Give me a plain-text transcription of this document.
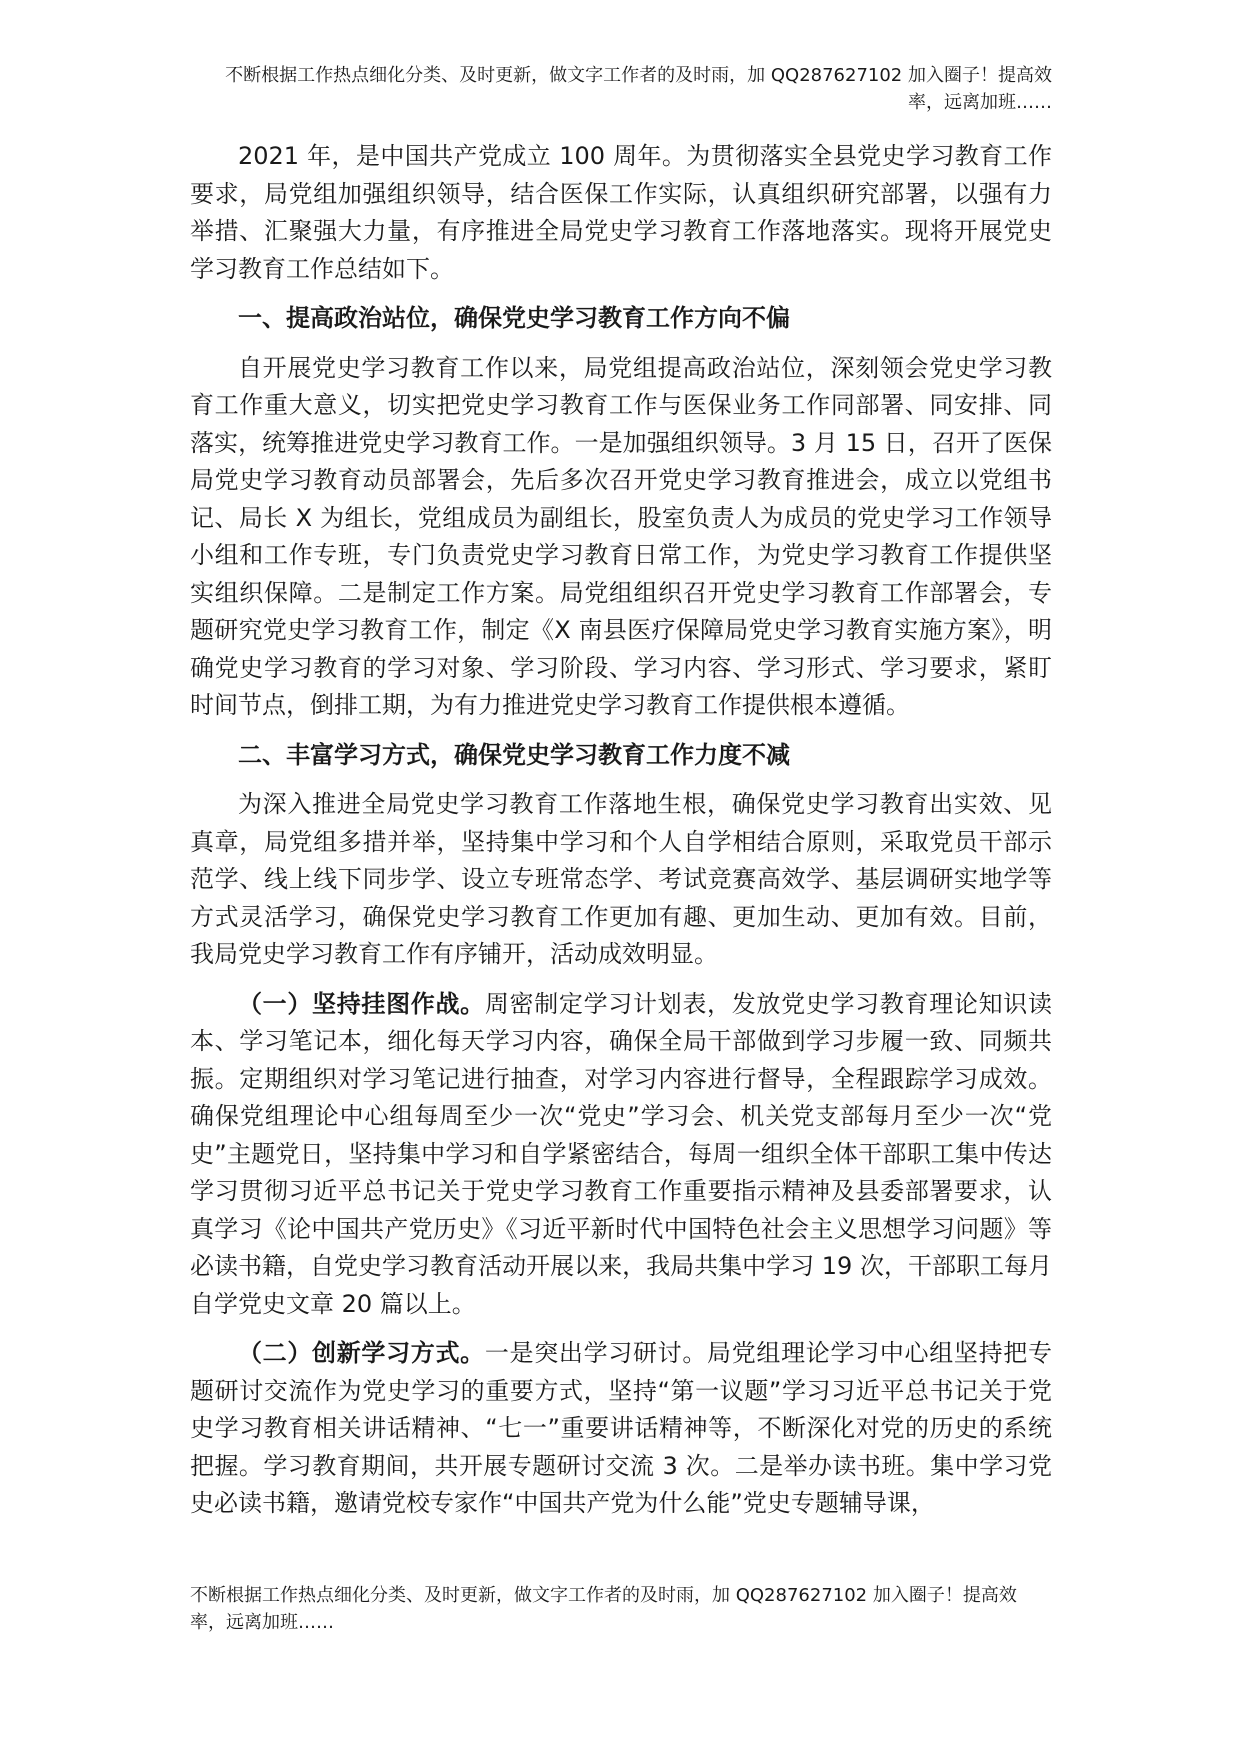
不断根据工作热点细化分类、及时更新，做文字工作者的及时雨，加 QQ287627102 加入圈子！提高效率，远离加班……

2021 年，是中国共产党成立 100 周年。为贯彻落实全县党史学习教育工作要求，局党组加强组织领导，结合医保工作实际，认真组织研究部署，以强有力举措、汇聚强大力量，有序推进全局党史学习教育工作落地落实。现将开展党史学习教育工作总结如下。

一、提高政治站位，确保党史学习教育工作方向不偏

自开展党史学习教育工作以来，局党组提高政治站位，深刻领会党史学习教育工作重大意义，切实把党史学习教育工作与医保业务工作同部署、同安排、同落实，统筹推进党史学习教育工作。一是加强组织领导。3 月 15 日，召开了医保局党史学习教育动员部署会，先后多次召开党史学习教育推进会，成立以党组书记、局长 X 为组长，党组成员为副组长，股室负责人为成员的党史学习工作领导小组和工作专班，专门负责党史学习教育日常工作，为党史学习教育工作提供坚实组织保障。二是制定工作方案。局党组组织召开党史学习教育工作部署会，专题研究党史学习教育工作，制定《X 南县医疗保障局党史学习教育实施方案》，明确党史学习教育的学习对象、学习阶段、学习内容、学习形式、学习要求，紧盯时间节点，倒排工期，为有力推进党史学习教育工作提供根本遵循。

二、丰富学习方式，确保党史学习教育工作力度不减

为深入推进全局党史学习教育工作落地生根，确保党史学习教育出实效、见真章，局党组多措并举，坚持集中学习和个人自学相结合原则，采取党员干部示范学、线上线下同步学、设立专班常态学、考试竞赛高效学、基层调研实地学等方式灵活学习，确保党史学习教育工作更加有趣、更加生动、更加有效。目前，我局党史学习教育工作有序铺开，活动成效明显。

（一）坚持挂图作战。周密制定学习计划表，发放党史学习教育理论知识读本、学习笔记本，细化每天学习内容，确保全局干部做到学习步履一致、同频共振。定期组织对学习笔记进行抽查，对学习内容进行督导，全程跟踪学习成效。确保党组理论中心组每周至少一次“党史”学习会、机关党支部每月至少一次“党史”主题党日，坚持集中学习和自学紧密结合，每周一组织全体干部职工集中传达学习贯彻习近平总书记关于党史学习教育工作重要指示精神及县委部署要求，认真学习《论中国共产党历史》《习近平新时代中国特色社会主义思想学习问题》等必读书籍，自党史学习教育活动开展以来，我局共集中学习 19 次，干部职工每月自学党史文章 20 篇以上。

（二）创新学习方式。一是突出学习研讨。局党组理论学习中心组坚持把专题研讨交流作为党史学习的重要方式，坚持“第一议题”学习习近平总书记关于党史学习教育相关讲话精神、“七一”重要讲话精神等，不断深化对党的历史的系统把握。学习教育期间，共开展专题研讨交流 3 次。二是举办读书班。集中学习党史必读书籍，邀请党校专家作“中国共产党为什么能”党史专题辅导课，

不断根据工作热点细化分类、及时更新，做文字工作者的及时雨，加 QQ287627102 加入圈子！提高效率，远离加班……
